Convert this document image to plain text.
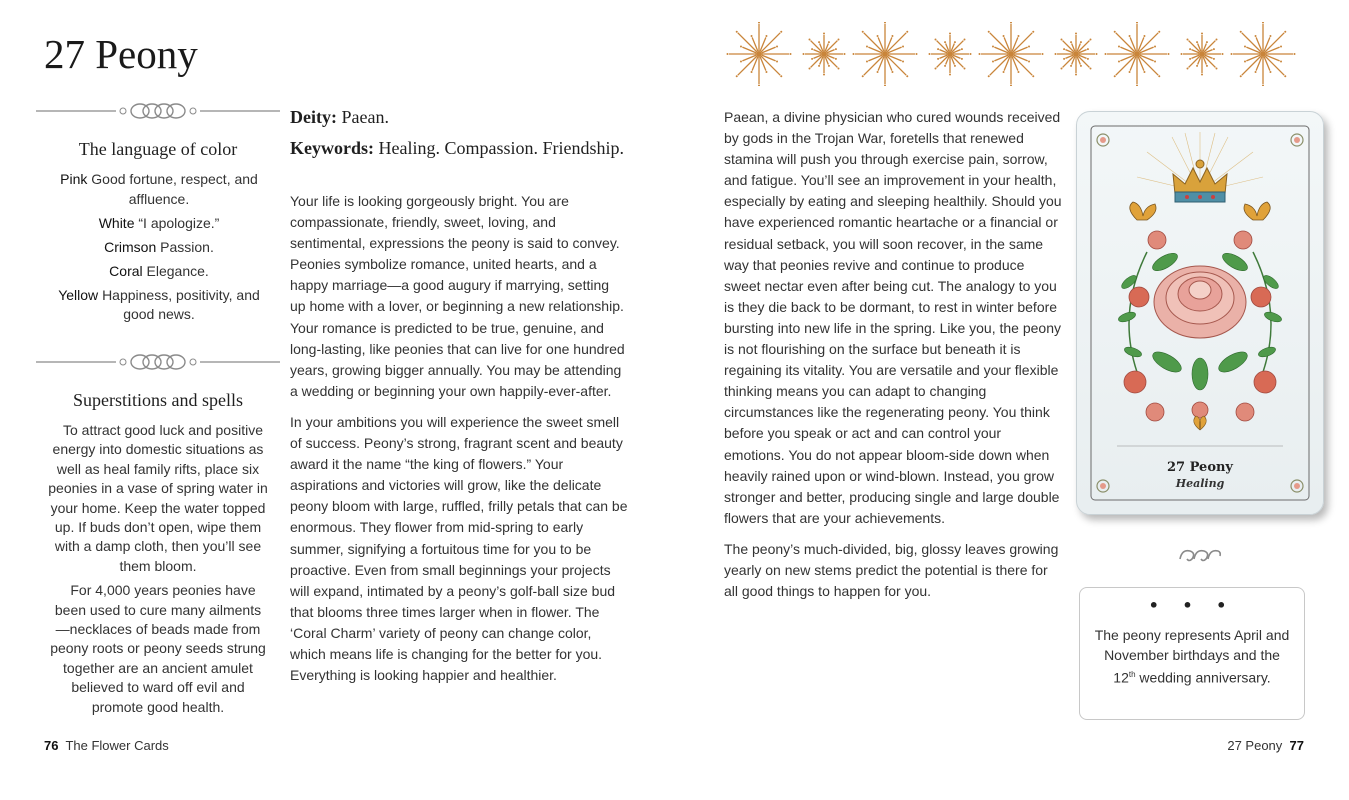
27 Peony
The language of color
Pink Good fortune, respect, and affluence.
White “I apologize.”
Crimson Passion.
Coral Elegance.
Yellow Happiness, positivity, and good news.
Superstitions and spells

To attract good luck and positive energy into domestic situations as well as heal family rifts, place six peonies in a vase of spring water in your home. Keep the water topped up. If buds don’t open, wipe them with a damp cloth, then you’ll see them bloom.

For 4,000 years peonies have been used to cure many ailments—necklaces of beads made from peony roots or peony seeds strung together are an ancient amulet believed to ward off evil and promote good health.

Deity: Paean.
Keywords: Healing. Compassion. Friendship.

Your life is looking gorgeously bright. You are compassionate, friendly, sweet, loving, and sentimental, expressions the peony is said to convey. Peonies symbolize romance, united hearts, and a happy marriage—a good augury if marrying, setting up home with a lover, or beginning a new relationship. Your romance is predicted to be true, genuine, and long-lasting, like peonies that can live for one hundred years, growing bigger annually. You may be attending a wedding or beginning your own happily-ever-after.

In your ambitions you will experience the sweet smell of success. Peony’s strong, fragrant scent and beauty award it the name “the king of flowers.” Your aspirations and victories will grow, like the delicate peony bloom with large, ruffled, frilly petals that can be enormous. They flower from mid-spring to early summer, signifying a fortuitous time for you to be proactive. Even from small beginnings your projects will expand, intimated by a peony’s golf-ball size bud that blooms three times larger when in flower. The ‘Coral Charm’ variety of peony can change color, which means life is changing for the better for you. Everything is looking happier and healthier.

76 The Flower Cards

Paean, a divine physician who cured wounds received by gods in the Trojan War, foretells that renewed stamina will push you through exercise pain, sorrow, and fatigue. You’ll see an improvement in your health, especially by eating and sleeping healthily. Should you have experienced romantic heartache or a financial or residual setback, you will soon recover, in the same way that peonies revive and continue to produce sweet nectar even after being cut. The analogy to you is they die back to be dormant, to rest in winter before bursting into new life in the spring. Like you, the peony is not flourishing on the surface but beneath it is regaining its vitality. You are versatile and your flexible thinking means you can adapt to changing circumstances like the regenerating peony. You think before you speak or act and can control your emotions. You do not appear bloom-side down when heavily rained upon or wind-blown. Instead, you grow stronger and better, producing single and large double flowers that are your achievements.

The peony’s much-divided, big, glossy leaves growing yearly on new stems predict the potential is there for all good things to happen for you.

27 Peony
Healing
• • •
The peony represents April and November birthdays and the 12th wedding anniversary.
27 Peony 77
